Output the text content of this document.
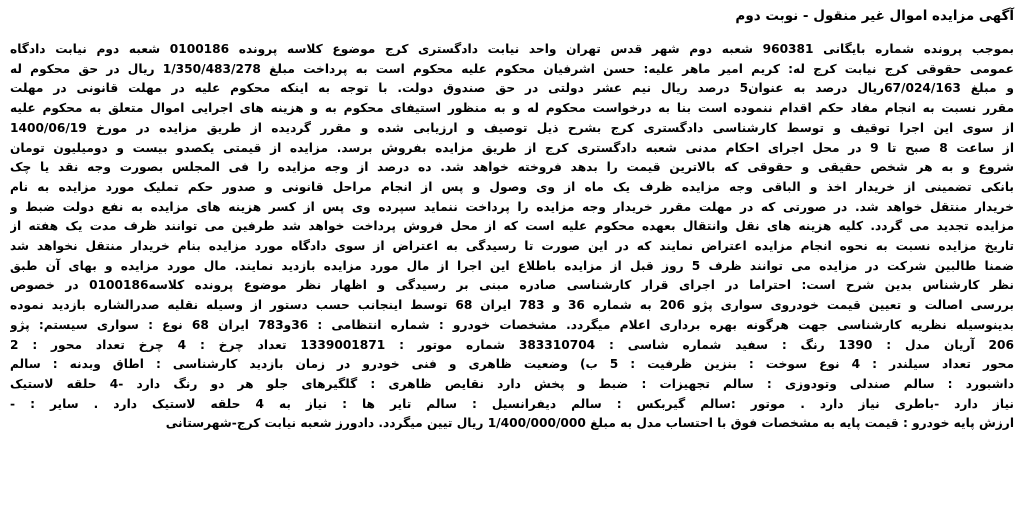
آگهی مزایده اموال غیر منقول - نوبت دوم
بموجب پرونده شماره بایگانی 960381 شعبه دوم شهر قدس تهران واحد نیابت دادگستری کرج موضوع کلاسه پرونده 0100186 شعبه دوم نیابت دادگاه
عمومی حقوقی کرج نیابت کرج له: کریم امیر ماهر علیه: حسن اشرفیان محکوم علیه محکوم است به پرداخت مبلغ 1/350/483/278 ریال در حق محکوم له
و مبلغ 67/024/163ریال درصد به عنوان5 درصد ریال نیم عشر دولتی در حق صندوق دولت. با توجه به اینکه محکوم علیه در مهلت قانونی در مهلت
مقرر نسبت به انجام مفاد حکم اقدام ننموده است بنا به درخواست محکوم له و به منظور استیفای محکوم به و هزینه های اجرایی اموال متعلق به محکوم علیه
از سوی این اجرا توقیف و توسط کارشناسی دادگستری کرج بشرح ذیل توصیف و ارزیابی شده و مقرر گردیده از طریق مزایده در مورخ 1400/06/19
از ساعت 8 صبح تا 9 در محل اجرای احکام مدنی شعبه دادگستری کرج از طریق مزایده بفروش برسد. مزایده از قیمتی یکصدو بیست و دومیلیون تومان
شروع و به هر شخص حقیقی و حقوقی که بالاترین قیمت را بدهد فروخته خواهد شد. ده درصد از وجه مزایده را فی المجلس بصورت وجه نقد یا چک
بانکی تضمینی از خریدار اخذ و الباقی وجه مزایده ظرف یک ماه از وی وصول و پس از انجام مراحل قانونی و صدور حکم تملیک مورد مزایده به نام
خریدار منتقل خواهد شد. در صورتی که در مهلت مقرر خریدار وجه مزایده را پرداخت ننماید سپرده وی پس از کسر هزینه های مزایده به نفع دولت ضبط و
مزایده تجدید می گردد. کلیه هزینه های نقل وانتقال بعهده محکوم علیه است که از محل فروش پرداخت خواهد شد طرفین می توانند ظرف مدت یک هفته از
تاریخ مزایده نسبت به نحوه انجام مزایده اعتراض نمایند که در این صورت تا رسیدگی به اعتراض از سوی دادگاه مورد مزایده بنام خریدار منتقل نخواهد شد
ضمنا طالبین شرکت در مزایده می توانند ظرف 5 روز قبل از مزایده باطلاع این اجرا از مال مورد مزایده بازدید نمایند. مال مورد مزایده و بهای آن طبق
نظر کارشناس بدین شرح است: احتراما در اجرای قرار کارشناسی صادره مبنی بر رسیدگی و اظهار نظر موضوع پرونده کلاسه0100186 در خصوص
بررسی اصالت و تعیین قیمت خودروی سواری پژو 206 به شماره 36 و 783 ایران 68 توسط اینجانب حسب دستور از وسیله نقلیه صدرالشاره بازدید نموده
بدینوسیله نظریه کارشناسی جهت هرگونه بهره برداری اعلام میگردد. مشخصات خودرو : شماره انتظامی : 36و783 ایران 68 نوع : سواری سیستم: پژو
206 آریان مدل : 1390 رنگ : سفید شماره شاسی : 383310704 شماره موتور : 1339001871 تعداد چرخ : 4 چرخ تعداد محور : 2
محور تعداد سیلندر : 4 نوع سوخت : بنزین ظرفیت : 5 ب) وضعیت ظاهری و فنی خودرو در زمان بازدید کارشناسی : اطاق وبدنه : سالم
داشبورد : سالم صندلی وتودوزی : سالم تجهیزات : ضبط و پخش دارد نقایص ظاهری : گلگیرهای جلو هر دو رنگ دارد -4 حلقه لاستیک
نیاز دارد -باطری نیاز دارد . موتور :سالم گیربکس : سالم دیفرانسیل : سالم تایر ها : نیاز به 4 حلقه لاستیک دارد . سایر : -
ارزش پایه خودرو : قیمت پایه به مشخصات فوق با احتساب مدل به مبلغ 1/400/000/000 ریال تیین میگردد. دادورز شعبه نیابت کرج-شهرستانی
